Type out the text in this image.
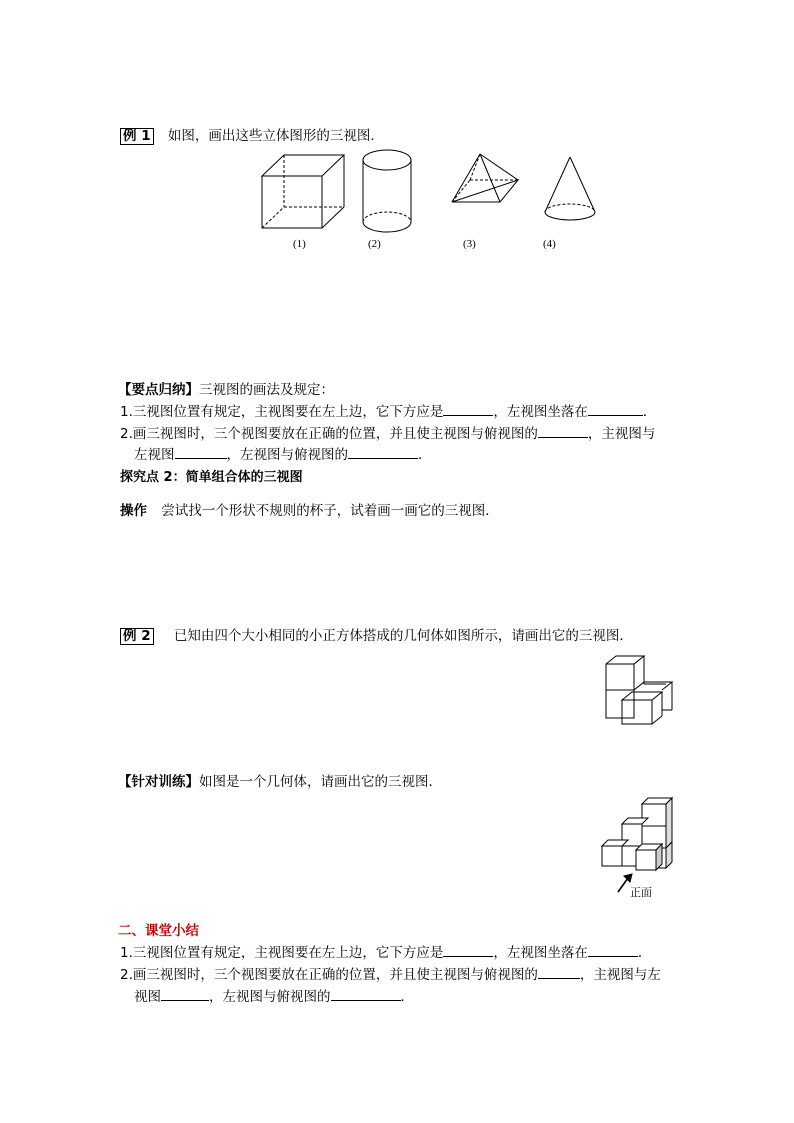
例 1 如图，画出这些立体图形的三视图．
(1)	(2)	(3)	(4)
【要点归纳】三视图的画法及规定：
1.三视图位置有规定，主视图要在左上边，它下方应是	，左视图坐落在	．
2.画三视图时，三个视图要放在正确的位置，并且使主视图与俯视图的	，主视图与
左视图	，左视图与俯视图的	．
探究点 2：简单组合体的三视图
操作 尝试找一个形状不规则的杯子，试着画一画它的三视图．
例 2 已知由四个大小相同的小正方体搭成的几何体如图所示，请画出它的三视图．
【针对训练】如图是一个几何体，请画出它的三视图．
正面
二、课堂小结
1.三视图位置有规定，主视图要在左上边，它下方应是	，左视图坐落在	．
2.画三视图时，三个视图要放在正确的位置，并且使主视图与俯视图的	，主视图与左
视图	，左视图与俯视图的	．
